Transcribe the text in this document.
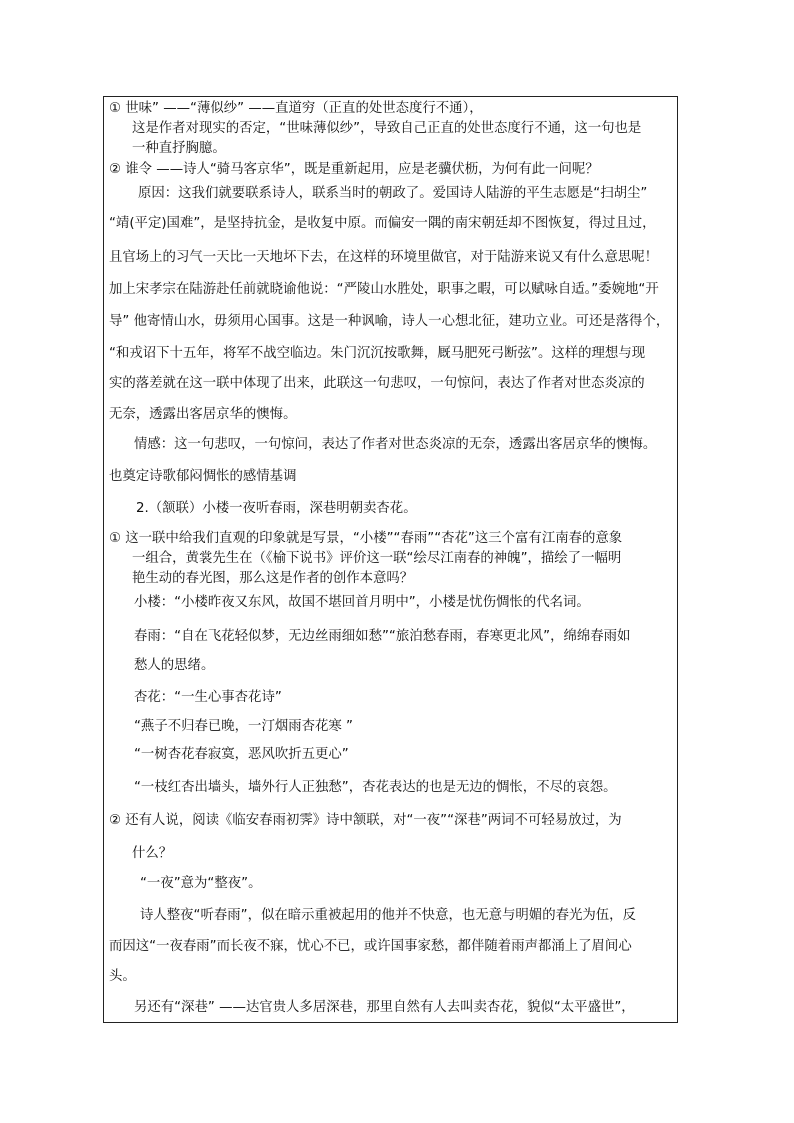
① 世味” ——“薄似纱” ——直道穷（正直的处世态度行不通），
这是作者对现实的否定，“世味薄似纱”，导致自己正直的处世态度行不通，这一句也是
一种直抒胸臆。
② 谁令 ——诗人“骑马客京华”，既是重新起用，应是老骥伏枥，为何有此一问呢？
原因：这我们就要联系诗人，联系当时的朝政了。爱国诗人陆游的平生志愿是“扫胡尘”
“靖(平定)国难”，是坚持抗金，是收复中原。而偏安一隅的南宋朝廷却不图恢复，得过且过，
且官场上的习气一天比一天地坏下去，在这样的环境里做官，对于陆游来说又有什么意思呢！
加上宋孝宗在陆游赴任前就晓谕他说：“严陵山水胜处，职事之暇，可以赋咏自适。”委婉地“开
导” 他寄情山水，毋须用心国事。这是一种讽喻，诗人一心想北征，建功立业。可还是落得个，
“和戎诏下十五年，将军不战空临边。朱门沉沉按歌舞，厩马肥死弓断弦”。这样的理想与现
实的落差就在这一联中体现了出来，此联这一句悲叹，一句惊问，表达了作者对世态炎凉的
无奈，透露出客居京华的懊悔。
情感：这一句悲叹，一句惊问，表达了作者对世态炎凉的无奈，透露出客居京华的懊悔。
也奠定诗歌郁闷惆怅的感情基调
2.（颔联）小楼一夜听春雨，深巷明朝卖杏花。
① 这一联中给我们直观的印象就是写景，“小楼”“春雨”“杏花”这三个富有江南春的意象
一组合，黄裳先生在（《榆下说书》评价这一联“绘尽江南春的神魄”，描绘了一幅明
艳生动的春光图，那么这是作者的创作本意吗？
小楼：“小楼昨夜又东风，故国不堪回首月明中”，小楼是忧伤惆怅的代名词。
春雨：“自在飞花轻似梦，无边丝雨细如愁”“旅泊愁春雨，春寒更北风”，绵绵春雨如
愁人的思绪。
杏花：“一生心事杏花诗”
“燕子不归春已晚，一汀烟雨杏花寒 ”
“一树杏花春寂寞，恶风吹折五更心”
“一枝红杏出墙头，墙外行人正独愁”，杏花表达的也是无边的惆怅，不尽的哀怨。
② 还有人说，阅读《临安春雨初霁》诗中颔联，对“一夜”“深巷”两词不可轻易放过，为
什么？
“一夜”意为“整夜”。
诗人整夜“听春雨”，似在暗示重被起用的他并不快意，也无意与明媚的春光为伍，反
而因这“一夜春雨”而长夜不寐，忧心不已，或许国事家愁，都伴随着雨声都涌上了眉间心
头。
另还有“深巷” ——达官贵人多居深巷，那里自然有人去叫卖杏花，貌似“太平盛世”，
